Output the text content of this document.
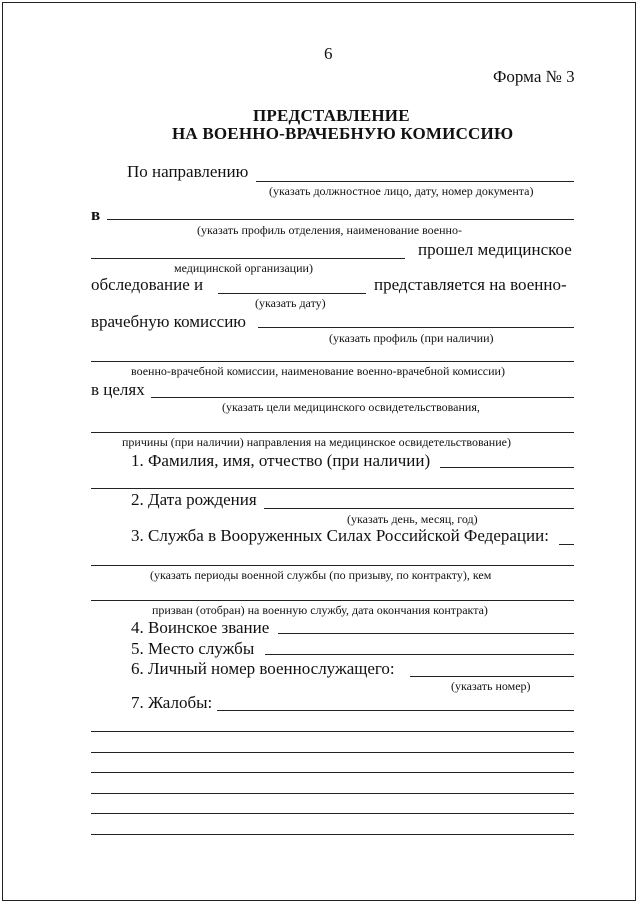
6
Форма № 3
ПРЕДСТАВЛЕНИЕ
НА ВОЕННО-ВРАЧЕБНУЮ КОМИССИЮ
По направлению
(указать должностное лицо, дату, номер документа)
в
(указать профиль отделения, наименование военно-
прошел медицинское
медицинской организации)
обследование и	представляется на военно-
(указать дату)
врачебную комиссию
(указать профиль (при наличии)
военно-врачебной комиссии, наименование военно-врачебной комиссии)
в целях
(указать цели медицинского освидетельствования,
причины (при наличии) направления на медицинское освидетельствование)
1. Фамилия, имя, отчество (при наличии)
2. Дата рождения
(указать день, месяц, год)
3. Служба в Вооруженных Силах Российской Федерации:
(указать периоды военной службы (по призыву, по контракту), кем
призван (отобран) на военную службу, дата окончания контракта)
4. Воинское звание
5. Место службы
6. Личный номер военнослужащего:
(указать номер)
7. Жалобы:
